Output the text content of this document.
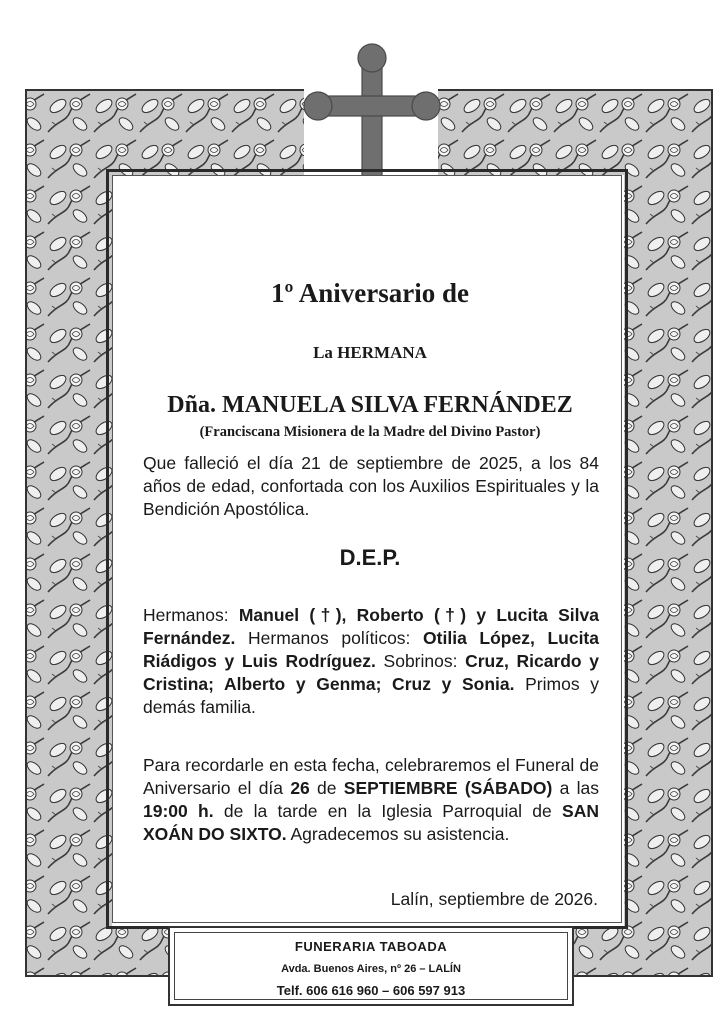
1º Aniversario de
La HERMANA
Dña. MANUELA SILVA FERNÁNDEZ
(Franciscana Misionera de la Madre del Divino Pastor)
Que falleció el día 21 de septiembre de 2025, a los 84 años de edad, confortada con los Auxilios Espirituales y la Bendición Apostólica.
D.E.P.
Hermanos: Manuel (†), Roberto (†) y Lucita Silva Fernández. Hermanos políticos: Otilia López, Lucita Riádigos y Luis Rodríguez. Sobrinos: Cruz, Ricardo y Cristina; Alberto y Genma; Cruz y Sonia. Primos y demás familia.
Para recordarle en esta fecha, celebraremos el Funeral de Aniversario el día 26 de SEPTIEMBRE (SÁBADO) a las 19:00 h. de la tarde en la Iglesia Parroquial de SAN XOÁN DO SIXTO. Agradecemos su asistencia.
Lalín, septiembre de 2026.
FUNERARIA TABOADA
Avda. Buenos Aires, nº 26 – LALÍN
Telf. 606 616 960 – 606 597 913
